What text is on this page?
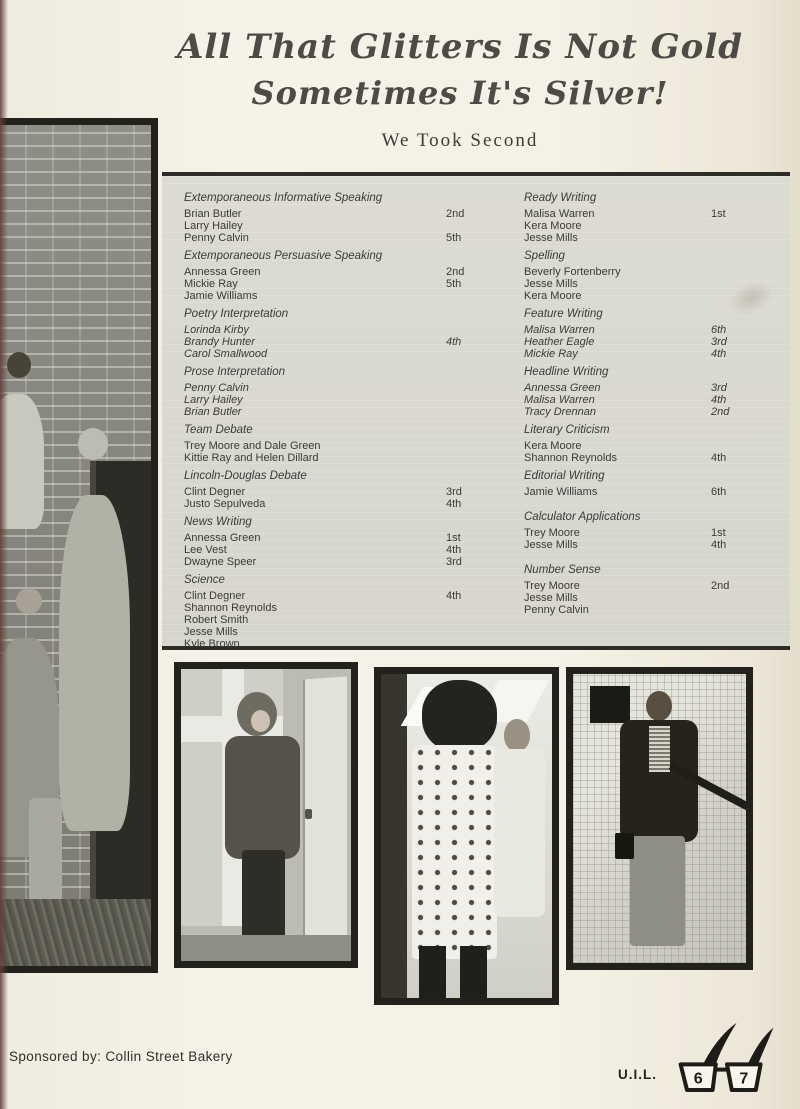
All That Glitters Is Not Gold
Sometimes It's Silver!
We Took Second
Extemporaneous Informative Speaking
Brian Butler	2nd
Larry Hailey
Penny Calvin	5th
Extemporaneous Persuasive Speaking
Annessa Green	2nd
Mickie Ray	5th
Jamie Williams
Poetry Interpretation
Lorinda Kirby
Brandy Hunter	4th
Carol Smallwood
Prose Interpretation
Penny Calvin
Larry Hailey
Brian Butler
Team Debate
Trey Moore and Dale Green
Kittie Ray and Helen Dillard
Lincoln-Douglas Debate
Clint Degner	3rd
Justo Sepulveda	4th
News Writing
Annessa Green	1st
Lee Vest	4th
Dwayne Speer	3rd
Science
Clint Degner	4th
Shannon Reynolds
Robert Smith
Jesse Mills
Kyle Brown
Ready Writing
Malisa Warren	1st
Kera Moore
Jesse Mills
Spelling
Beverly Fortenberry
Jesse Mills
Kera Moore
Feature Writing
Malisa Warren	6th
Heather Eagle	3rd
Mickie Ray	4th
Headline Writing
Annessa Green	3rd
Malisa Warren	4th
Tracy Drennan	2nd
Literary Criticism
Kera Moore
Shannon Reynolds	4th
Editorial Writing
Jamie Williams	6th
Calculator Applications
Trey Moore	1st
Jesse Mills	4th
Number Sense
Trey Moore	2nd
Jesse Mills
Penny Calvin
Sponsored by: Collin Street Bakery
U.I.L. 6 7
